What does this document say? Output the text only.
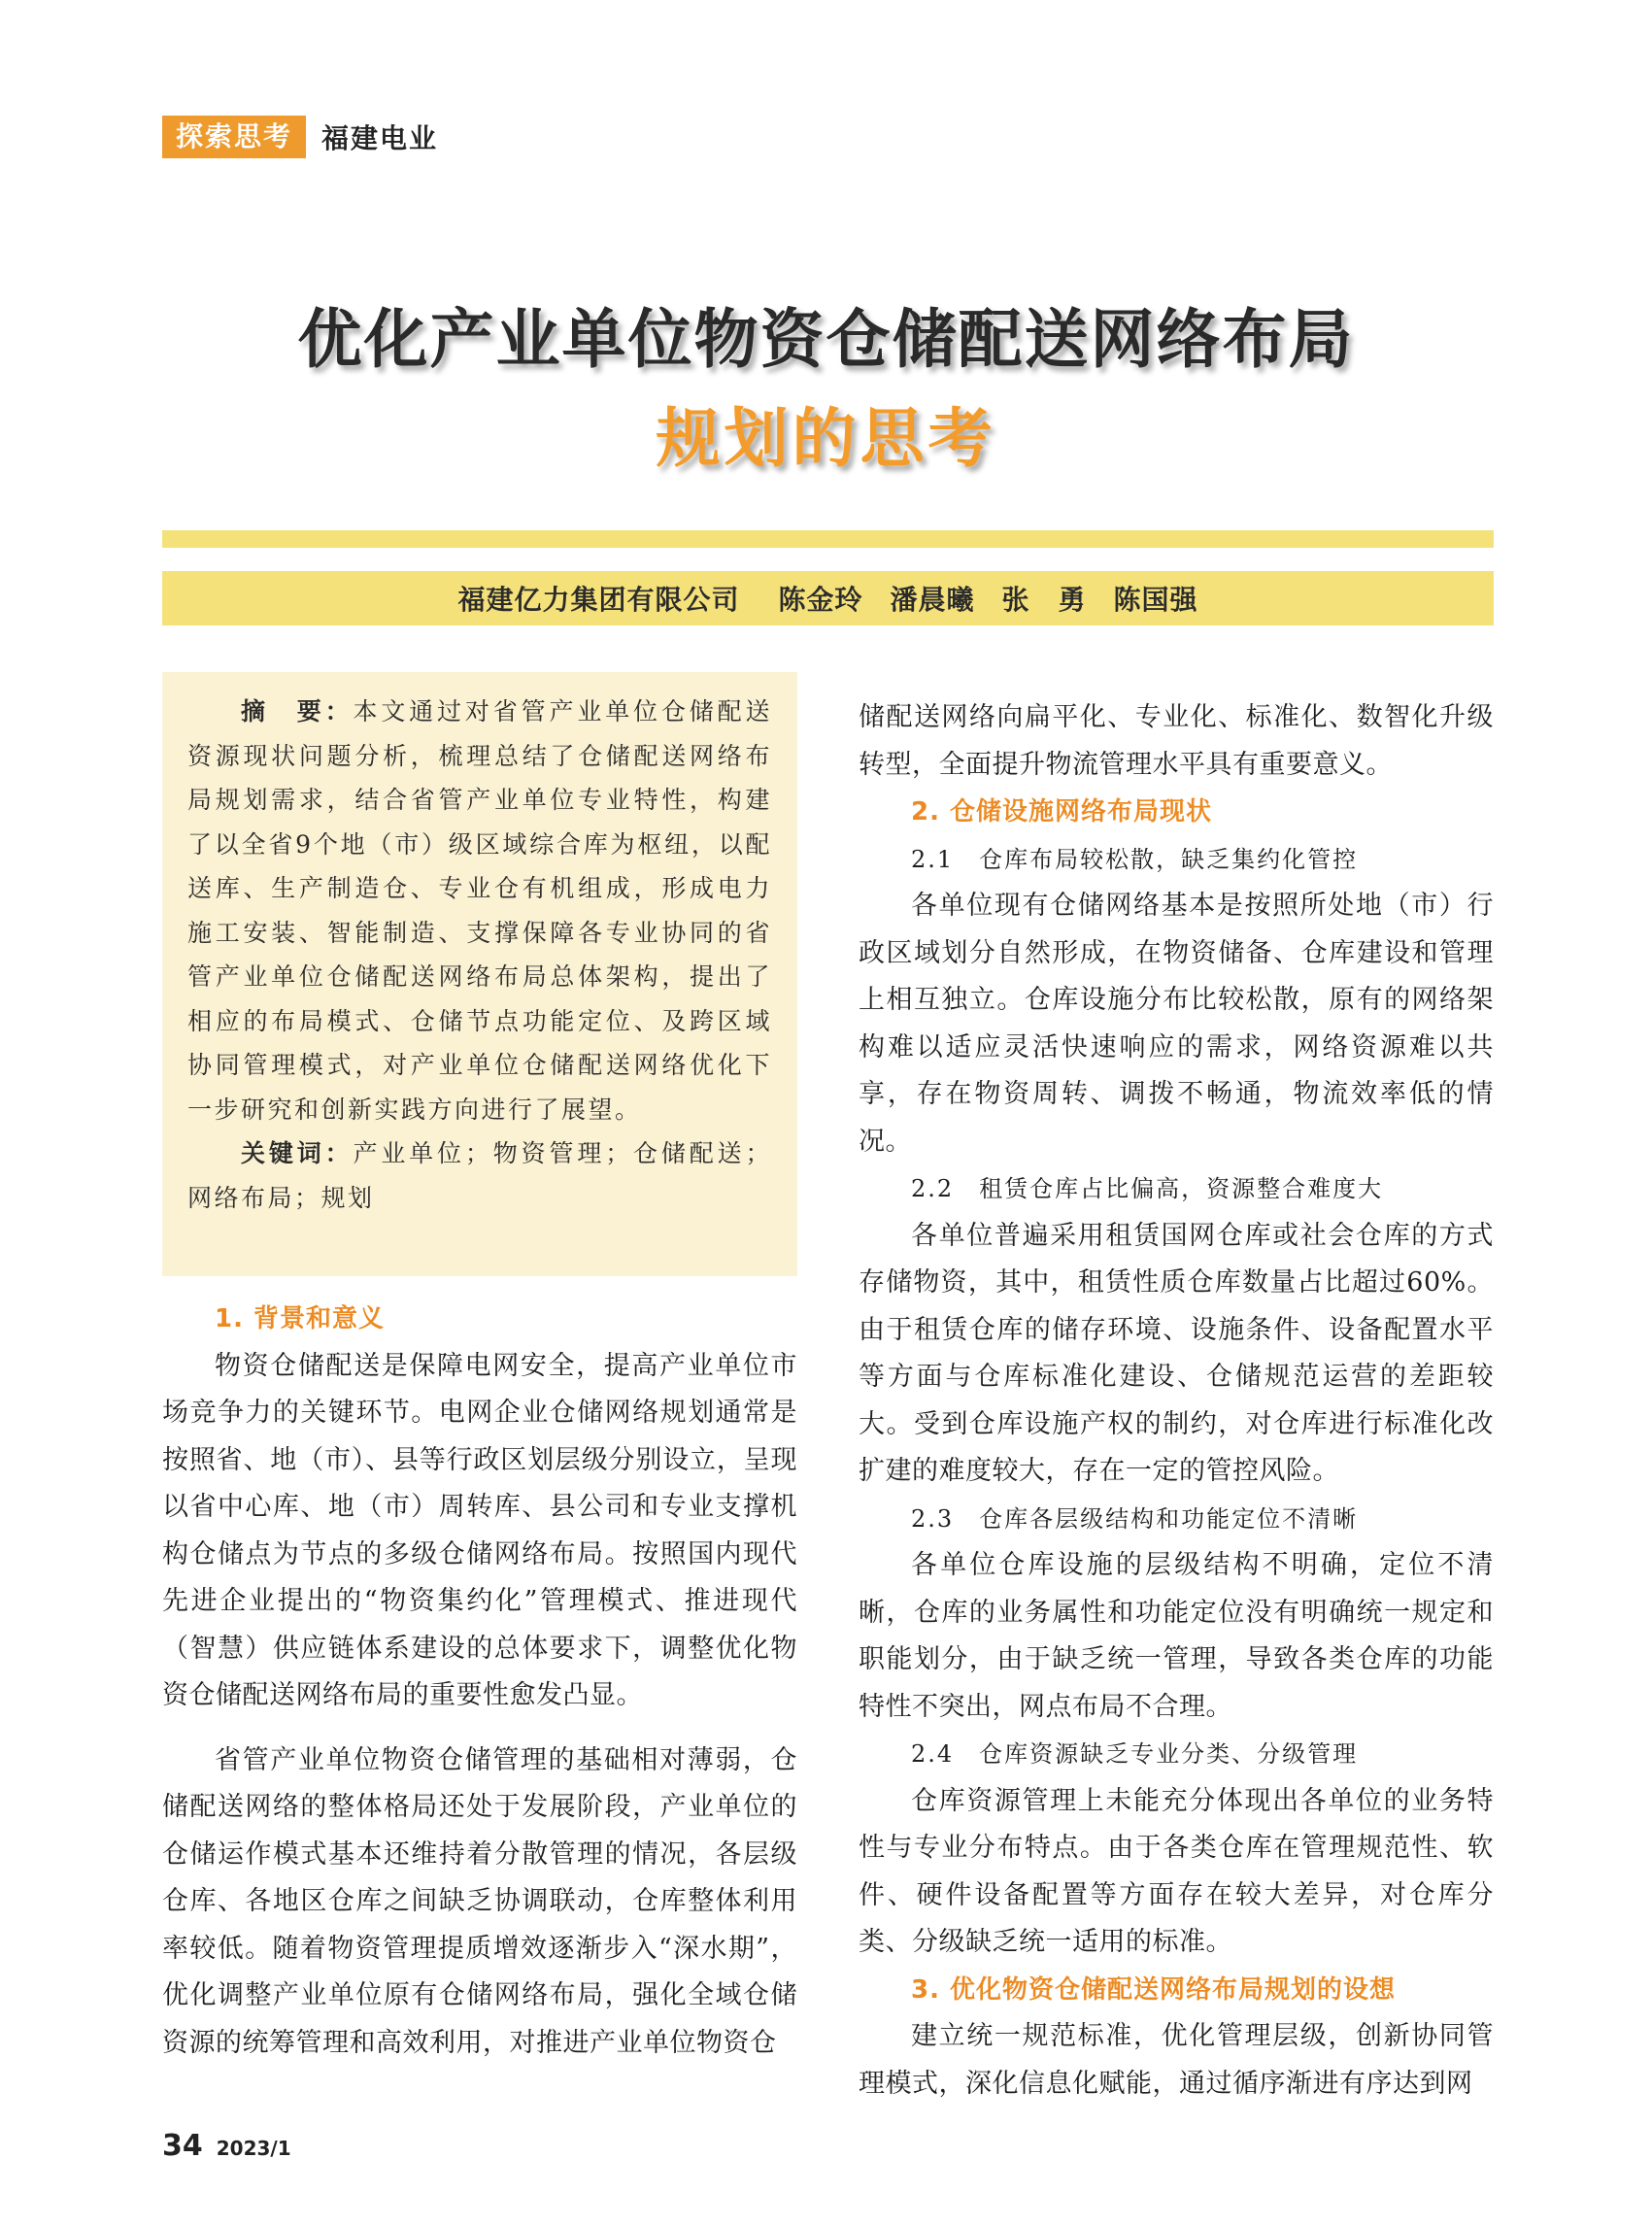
探索思考	福建电业
优化产业单位物资仓储配送网络布局
规划的思考
福建亿力集团有限公司 陈金玲 潘晨曦 张　勇 陈国强

摘　要：本文通过对省管产业单位仓储配送资源现状问题分析，梳理总结了仓储配送网络布局规划需求，结合省管产业单位专业特性，构建了以全省9个地（市）级区域综合库为枢纽，以配送库、生产制造仓、专业仓有机组成，形成电力施工安装、智能制造、支撑保障各专业协同的省管产业单位仓储配送网络布局总体架构，提出了相应的布局模式、仓储节点功能定位、及跨区域协同管理模式，对产业单位仓储配送网络优化下一步研究和创新实践方向进行了展望。

关键词：产业单位；物资管理；仓储配送；网络布局；规划

1. 背景和意义

物资仓储配送是保障电网安全，提高产业单位市场竞争力的关键环节。电网企业仓储网络规划通常是按照省、地（市）、县等行政区划层级分别设立，呈现以省中心库、地（市）周转库、县公司和专业支撑机构仓储点为节点的多级仓储网络布局。按照国内现代先进企业提出的“物资集约化”管理模式、推进现代（智慧）供应链体系建设的总体要求下，调整优化物资仓储配送网络布局的重要性愈发凸显。

省管产业单位物资仓储管理的基础相对薄弱，仓储配送网络的整体格局还处于发展阶段，产业单位的仓储运作模式基本还维持着分散管理的情况，各层级仓库、各地区仓库之间缺乏协调联动，仓库整体利用率较低。随着物资管理提质增效逐渐步入“深水期”，优化调整产业单位原有仓储网络布局，强化全域仓储资源的统筹管理和高效利用，对推进产业单位物资仓

储配送网络向扁平化、专业化、标准化、数智化升级转型，全面提升物流管理水平具有重要意义。

2. 仓储设施网络布局现状
2.1　仓库布局较松散，缺乏集约化管控

各单位现有仓储网络基本是按照所处地（市）行政区域划分自然形成，在物资储备、仓库建设和管理上相互独立。仓库设施分布比较松散，原有的网络架构难以适应灵活快速响应的需求，网络资源难以共享，存在物资周转、调拨不畅通，物流效率低的情况。

2.2　租赁仓库占比偏高，资源整合难度大

各单位普遍采用租赁国网仓库或社会仓库的方式存储物资，其中，租赁性质仓库数量占比超过60%。由于租赁仓库的储存环境、设施条件、设备配置水平等方面与仓库标准化建设、仓储规范运营的差距较大。受到仓库设施产权的制约，对仓库进行标准化改扩建的难度较大，存在一定的管控风险。

2.3　仓库各层级结构和功能定位不清晰

各单位仓库设施的层级结构不明确，定位不清晰，仓库的业务属性和功能定位没有明确统一规定和职能划分，由于缺乏统一管理，导致各类仓库的功能特性不突出，网点布局不合理。

2.4　仓库资源缺乏专业分类、分级管理

仓库资源管理上未能充分体现出各单位的业务特性与专业分布特点。由于各类仓库在管理规范性、软件、硬件设备配置等方面存在较大差异，对仓库分类、分级缺乏统一适用的标准。

3. 优化物资仓储配送网络布局规划的设想

建立统一规范标准，优化管理层级，创新协同管理模式，深化信息化赋能，通过循序渐进有序达到网

34 2023/1
